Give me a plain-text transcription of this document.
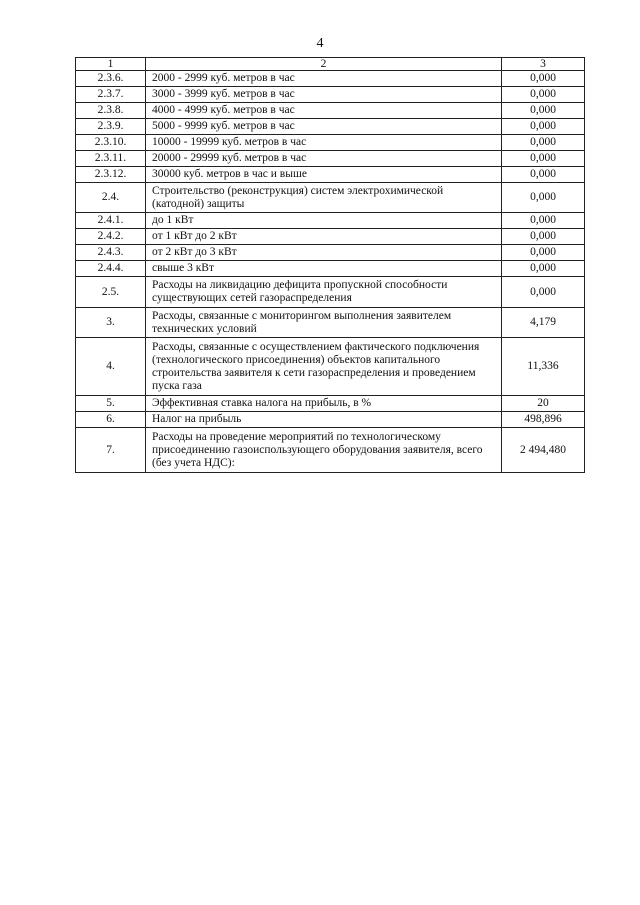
4
1	2	3
2.3.6.	2000 - 2999 куб. метров в час	0,000
2.3.7.	3000 - 3999 куб. метров в час	0,000
2.3.8.	4000 - 4999 куб. метров в час	0,000
2.3.9.	5000 - 9999 куб. метров в час	0,000
2.3.10.	10000 - 19999 куб. метров в час	0,000
2.3.11.	20000 - 29999 куб. метров в час	0,000
2.3.12.	30000 куб. метров в час и выше	0,000
2.4.	Строительство (реконструкция) систем электрохимической (катодной) защиты	0,000
2.4.1.	до 1 кВт	0,000
2.4.2.	от 1 кВт до 2 кВт	0,000
2.4.3.	от 2 кВт до 3 кВт	0,000
2.4.4.	свыше 3 кВт	0,000
2.5.	Расходы на ликвидацию дефицита пропускной способности существующих сетей газораспределения	0,000
3.	Расходы, связанные с мониторингом выполнения заявителем технических условий	4,179
4.	Расходы, связанные с осуществлением фактического подключения (технологического присоединения) объектов капитального строительства заявителя к сети газораспределения и проведением пуска газа	11,336
5.	Эффективная ставка налога на прибыль, в %	20
6.	Налог на прибыль	498,896
7.	Расходы на проведение мероприятий по технологическому присоединению газоиспользующего оборудования заявителя, всего (без учета НДС):	2 494,480
